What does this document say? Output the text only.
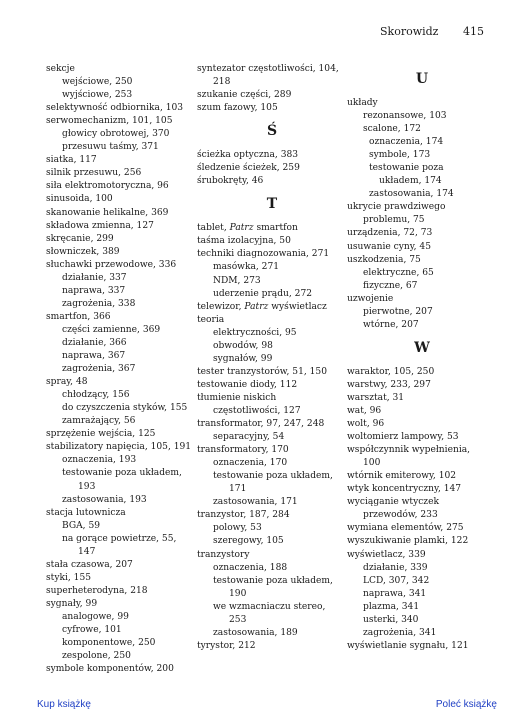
Skorowidz 415
sekcje
wejściowe, 250
wyjściowe, 253
selektywność odbiornika, 103
serwomechanizm, 101, 105
głowicy obrotowej, 370
przesuwu taśmy, 371
siatka, 117
silnik przesuwu, 256
siła elektromotoryczna, 96
sinusoida, 100
skanowanie helikalne, 369
składowa zmienna, 127
skręcanie, 299
słowniczek, 389
słuchawki przewodowe, 336
działanie, 337
naprawa, 337
zagrożenia, 338
smartfon, 366
części zamienne, 369
działanie, 366
naprawa, 367
zagrożenia, 367
spray, 48
chłodzący, 156
do czyszczenia styków, 155
zamrażający, 56
sprzężenie wejścia, 125
stabilizatory napięcia, 105, 191
oznaczenia, 193
testowanie poza układem,
193
zastosowania, 193
stacja lutownicza
BGA, 59
na gorące powietrze, 55,
147
stała czasowa, 207
styki, 155
superheterodyna, 218
sygnały, 99
analogowe, 99
cyfrowe, 101
komponentowe, 250
zespolone, 250
symbole komponentów, 200
syntezator częstotliwości, 104,
218
szukanie części, 289
szum fazowy, 105
Ś
ścieżka optyczna, 383
śledzenie ścieżek, 259
śrubokręty, 46
T
tablet, Patrz smartfon
taśma izolacyjna, 50
techniki diagnozowania, 271
masówka, 271
NDM, 273
uderzenie prądu, 272
telewizor, Patrz wyświetlacz
teoria
elektryczności, 95
obwodów, 98
sygnałów, 99
tester tranzystorów, 51, 150
testowanie diody, 112
tłumienie niskich
częstotliwości, 127
transformator, 97, 247, 248
separacyjny, 54
transformatory, 170
oznaczenia, 170
testowanie poza układem,
171
zastosowania, 171
tranzystor, 187, 284
polowy, 53
szeregowy, 105
tranzystory
oznaczenia, 188
testowanie poza układem,
190
we wzmacniaczu stereo,
253
zastosowania, 189
tyrystor, 212
U
układy
rezonansowe, 103
scalone, 172
oznaczenia, 174
symbole, 173
testowanie poza
układem, 174
zastosowania, 174
ukrycie prawdziwego
problemu, 75
urządzenia, 72, 73
usuwanie cyny, 45
uszkodzenia, 75
elektryczne, 65
fizyczne, 67
uzwojenie
pierwotne, 207
wtórne, 207
W
waraktor, 105, 250
warstwy, 233, 297
warsztat, 31
wat, 96
wolt, 96
woltomierz lampowy, 53
współczynnik wypełnienia,
100
wtórnik emiterowy, 102
wtyk koncentryczny, 147
wyciąganie wtyczek
przewodów, 233
wymiana elementów, 275
wyszukiwanie plamki, 122
wyświetlacz, 339
działanie, 339
LCD, 307, 342
naprawa, 341
plazma, 341
usterki, 340
zagrożenia, 341
wyświetlanie sygnału, 121
Kup książkę	Poleć książkę
